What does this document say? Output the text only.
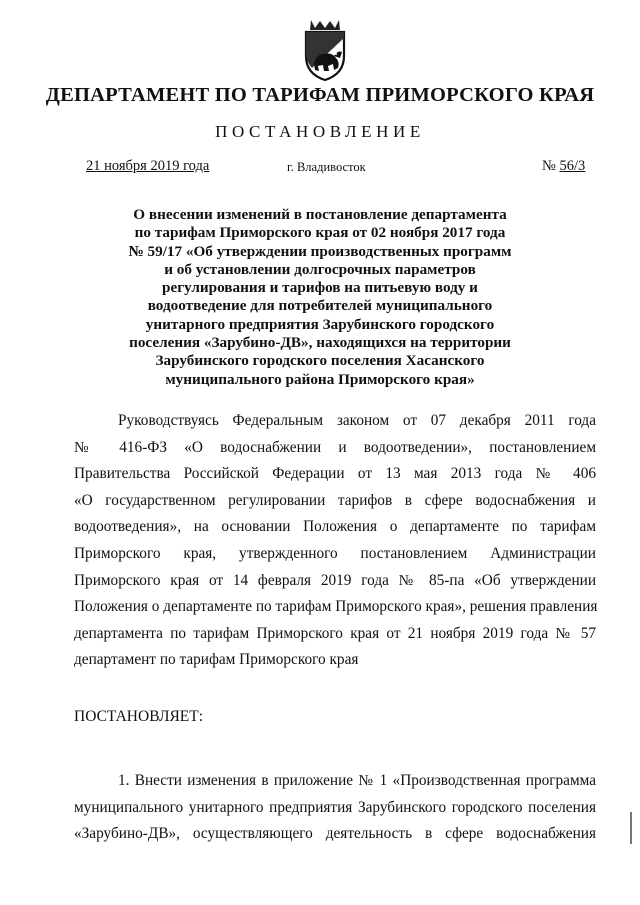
ДЕПАРТАМЕНТ ПО ТАРИФАМ ПРИМОРСКОГО КРАЯ
ПОСТАНОВЛЕНИЕ
21 ноября 2019 года	г. Владивосток	№ 56/3
О внесении изменений в постановление департамента
по тарифам Приморского края от 02 ноября 2017 года
№ 59/17 «Об утверждении производственных программ
и об установлении долгосрочных параметров
регулирования и тарифов на питьевую воду и
водоотведение для потребителей муниципального
унитарного предприятия Зарубинского городского
поселения «Зарубино-ДВ», находящихся на территории
Зарубинского городского поселения Хасанского
муниципального района Приморского края»
Руководствуясь Федеральным законом от 07 декабря 2011 года
№ 416-ФЗ «О водоснабжении и водоотведении», постановлением
Правительства Российской Федерации от 13 мая 2013 года № 406
«О государственном регулировании тарифов в сфере водоснабжения и
водоотведения», на основании Положения о департаменте по тарифам
Приморского края, утвержденного постановлением Администрации
Приморского края от 14 февраля 2019 года № 85-па «Об утверждении
Положения о департаменте по тарифам Приморского края», решения правления
департамента по тарифам Приморского края от 21 ноября 2019 года № 57
департамент по тарифам Приморского края
ПОСТАНОВЛЯЕТ:
1. Внести изменения в приложение № 1 «Производственная программа
муниципального унитарного предприятия Зарубинского городского поселения
«Зарубино-ДВ», осуществляющего деятельность в сфере водоснабжения
